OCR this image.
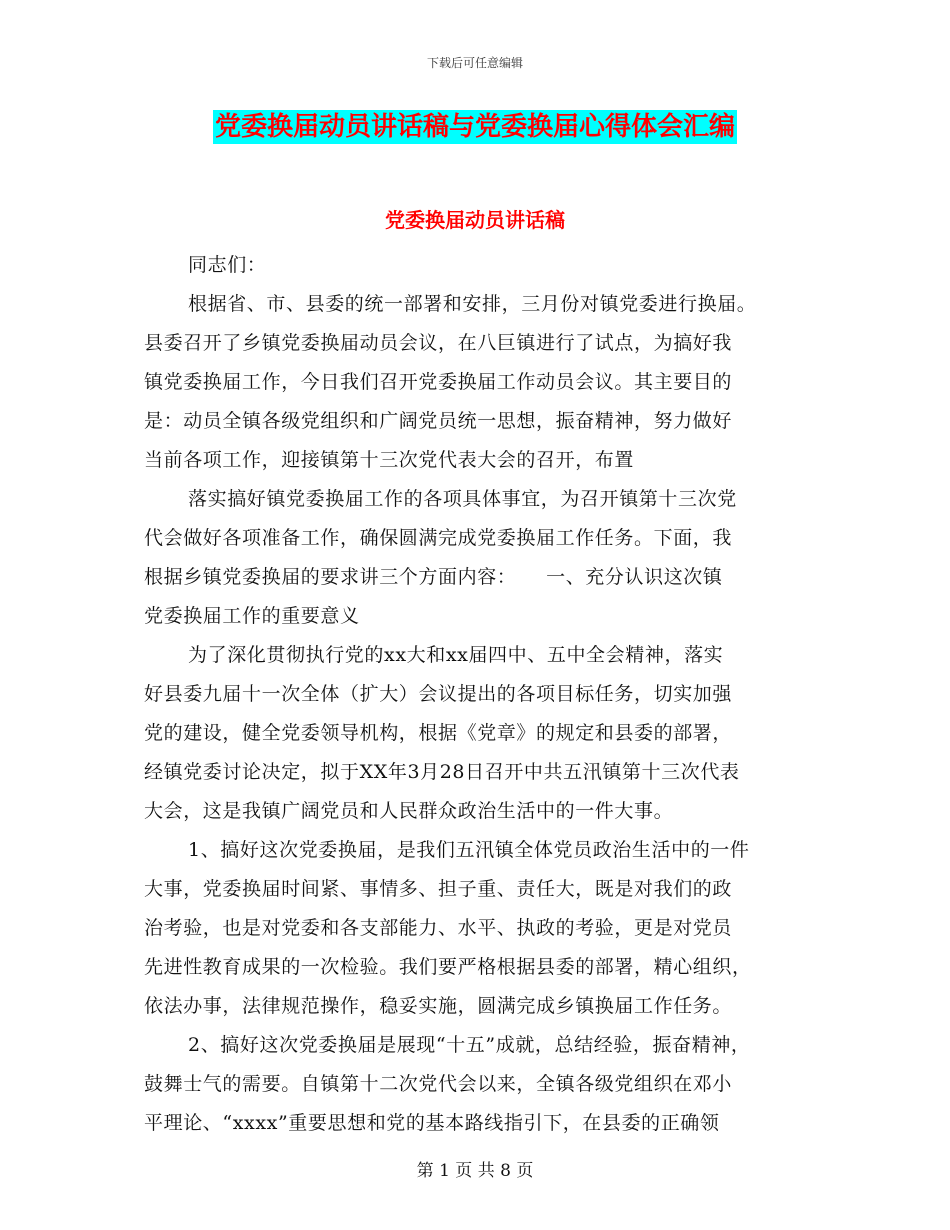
下载后可任意编辑
党委换届动员讲话稿与党委换届心得体会汇编
党委换届动员讲话稿
同志们：
根据省、市、县委的统一部署和安排，三月份对镇党委进行换届。
县委召开了乡镇党委换届动员会议，在八巨镇进行了试点，为搞好我
镇党委换届工作，今日我们召开党委换届工作动员会议。其主要目的
是：动员全镇各级党组织和广阔党员统一思想，振奋精神，努力做好
当前各项工作，迎接镇第十三次党代表大会的召开，布置
落实搞好镇党委换届工作的各项具体事宜，为召开镇第十三次党
代会做好各项准备工作，确保圆满完成党委换届工作任务。下面，我
根据乡镇党委换届的要求讲三个方面内容：　　一、充分认识这次镇
党委换届工作的重要意义
为了深化贯彻执行党的xx大和xx届四中、五中全会精神，落实
好县委九届十一次全体（扩大）会议提出的各项目标任务，切实加强
党的建设，健全党委领导机构，根据《党章》的规定和县委的部署，
经镇党委讨论决定，拟于XX年3月28日召开中共五汛镇第十三次代表
大会，这是我镇广阔党员和人民群众政治生活中的一件大事。
1、搞好这次党委换届，是我们五汛镇全体党员政治生活中的一件
大事，党委换届时间紧、事情多、担子重、责任大，既是对我们的政
治考验，也是对党委和各支部能力、水平、执政的考验，更是对党员
先进性教育成果的一次检验。我们要严格根据县委的部署，精心组织，
依法办事，法律规范操作，稳妥实施，圆满完成乡镇换届工作任务。
2、搞好这次党委换届是展现“十五”成就，总结经验，振奋精神，
鼓舞士气的需要。自镇第十二次党代会以来，全镇各级党组织在邓小
平理论、“xxxx”重要思想和党的基本路线指引下，在县委的正确领
第 1 页 共 8 页
